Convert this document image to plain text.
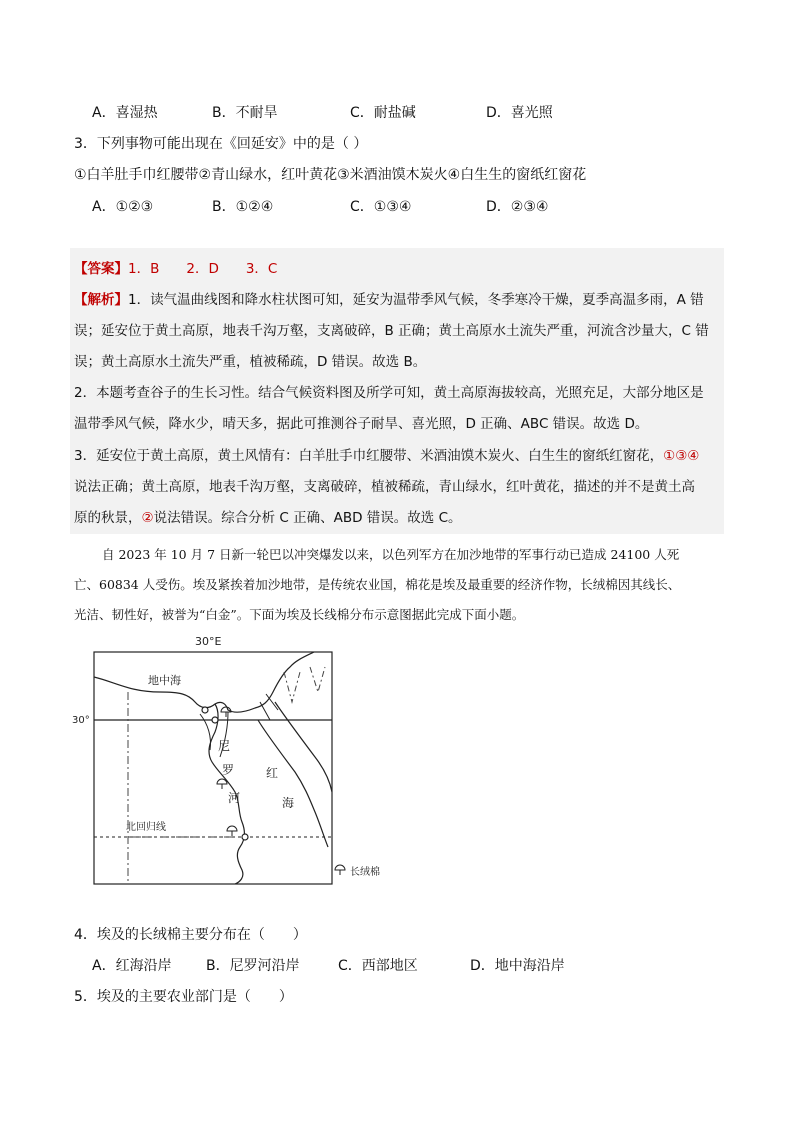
A．喜湿热	B．不耐旱	C．耐盐碱	D．喜光照
3．下列事物可能出现在《回延安》中的是（ ）
①白羊肚手巾红腰带②青山绿水，红叶黄花③米酒油馍木炭火④白生生的窗纸红窗花
A．①②③	B．①②④	C．①③④	D．②③④
【答案】1．B　　2．D　　3．C
【解析】1．读气温曲线图和降水柱状图可知，延安为温带季风气候，冬季寒冷干燥，夏季高温多雨，A 错
误；延安位于黄土高原，地表千沟万壑，支离破碎，B 正确；黄土高原水土流失严重，河流含沙量大，C 错
误；黄土高原水土流失严重，植被稀疏，D 错误。故选 B。
2．本题考查谷子的生长习性。结合气候资料图及所学可知，黄土高原海拔较高，光照充足，大部分地区是
温带季风气候，降水少，晴天多，据此可推测谷子耐旱、喜光照，D 正确、ABC 错误。故选 D。
3．延安位于黄土高原，黄土风情有：白羊肚手巾红腰带、米酒油馍木炭火、白生生的窗纸红窗花，①③④
说法正确；黄土高原，地表千沟万壑，支离破碎，植被稀疏，青山绿水，红叶黄花，描述的并不是黄土高
原的秋景，②说法错误。综合分析 C 正确、ABD 错误。故选 C。
自 2023 年 10 月 7 日新一轮巴以冲突爆发以来，以色列军方在加沙地带的军事行动已造成 24100 人死
亡、60834 人受伤。埃及紧挨着加沙地带，是传统农业国，棉花是埃及最重要的经济作物，长绒棉因其线长、
光洁、韧性好，被誉为“白金”。下面为埃及长线棉分布示意图据此完成下面小题。
30°E
30°
地中海
北回归线
尼
罗
河
红
海
长绒棉
4．埃及的长绒棉主要分布在（　　）
A．红海沿岸 B．尼罗河沿岸	C．西部地区	D．地中海沿岸
5．埃及的主要农业部门是（　　）
